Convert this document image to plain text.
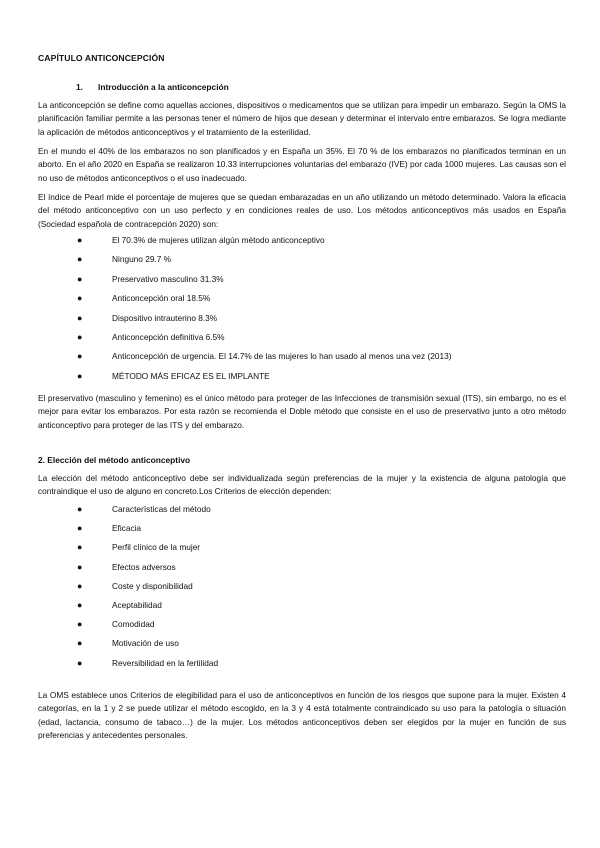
CAPÍTULO ANTICONCEPCIÓN
1. Introducción a la anticoncepción

La anticoncepción se define como aquellas acciones, dispositivos o medicamentos que se utilizan para impedir un embarazo. Según la OMS la planificación familiar permite a las personas tener el número de hijos que desean y determinar el intervalo entre embarazos. Se logra mediante la aplicación de métodos anticonceptivos y el tratamiento de la esterilidad.

En el mundo el 40% de los embarazos no son planificados y en España un 35%. El 70 % de los embarazos no planificados terminan en un aborto. En el año 2020 en España se realizaron 10.33 interrupciones voluntarias del embarazo (IVE) por cada 1000 mujeres. Las causas son el no uso de métodos anticonceptivos o el uso inadecuado.

El índice de Pearl mide el porcentaje de mujeres que se quedan embarazadas en un año utilizando un método determinado. Valora la eficacia del método anticonceptivo con un uso perfecto y en condiciones reales de uso. Los métodos anticonceptivos más usados en España (Sociedad española de contracepción 2020) son:

●	El 70.3% de mujeres utilizan algún método anticonceptivo
●	Ninguno 29.7 %
●	Preservativo masculino 31.3%
●	Anticoncepción oral 18.5%
●	Dispositivo intrauterino 8.3%
●	Anticoncepción definitiva 6.5%
●	Anticoncepción de urgencia. El 14.7% de las mujeres lo han usado al menos una vez (2013)
●	MÉTODO MÁS EFICAZ ES EL IMPLANTE

El preservativo (masculino y femenino) es el único método para proteger de las Infecciones de transmisión sexual (ITS), sin embargo, no es el mejor para evitar los embarazos. Por esta razón se recomienda el Doble método que consiste en el uso de preservativo junto a otro método anticonceptivo para proteger de las ITS y del embarazo.

2. Elección del método anticonceptivo

La elección del método anticonceptivo debe ser individualizada según preferencias de la mujer y la existencia de alguna patología que contraindique el uso de alguno en concreto.Los Criterios de elección dependen:

●	Características del método
●	Eficacia
●	Perfil clínico de la mujer
●	Efectos adversos
●	Coste y disponibilidad
●	Aceptabilidad
●	Comodidad
●	Motivación de uso
●	Reversibilidad en la fertilidad

La OMS establece unos Criterios de elegibilidad para el uso de anticonceptivos en función de los riesgos que supone para la mujer. Existen 4 categorías, en la 1 y 2 se puede utilizar el método escogido, en la 3 y 4 está totalmente contraindicado su uso para la patología o situación (edad, lactancia, consumo de tabaco…) de la mujer. Los métodos anticonceptivos deben ser elegidos por la mujer en función de sus preferencias y antecedentes personales.
